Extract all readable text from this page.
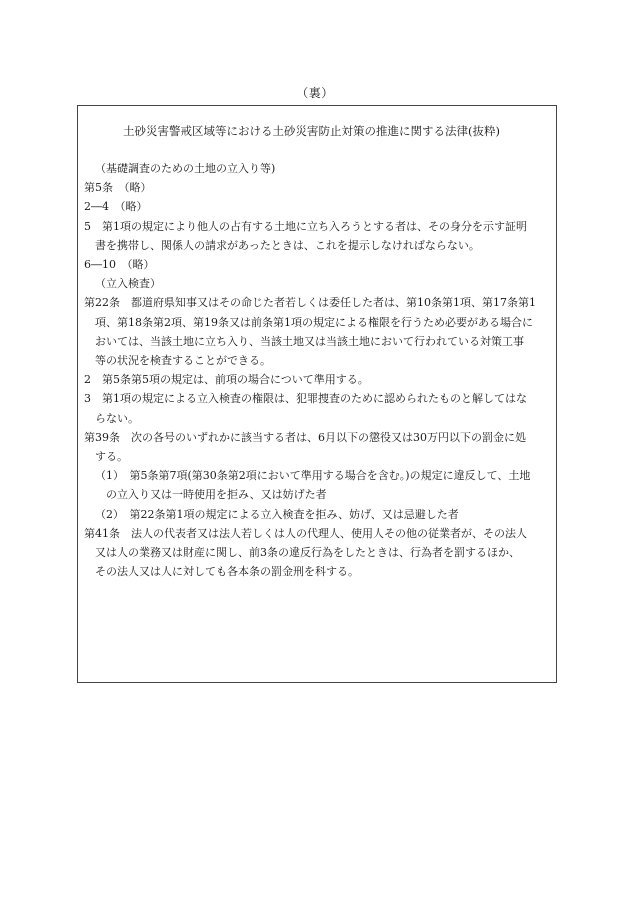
（裏）
土砂災害警戒区域等における土砂災害防止対策の推進に関する法律(抜粋)
（基礎調査のための土地の立入り等)
第5条　（略）
2―4　（略）
5　第1項の規定により他人の占有する土地に立ち入ろうとする者は、その身分を示す証明
書を携帯し、関係人の請求があったときは、これを提示しなければならない。
6―10　（略）
（立入検査）
第22条　都道府県知事又はその命じた者若しくは委任した者は、第10条第1項、第17条第1
項、第18条第2項、第19条又は前条第1項の規定による権限を行うため必要がある場合に
おいては、当該土地に立ち入り、当該土地又は当該土地において行われている対策工事
等の状況を検査することができる。
2　第5条第5項の規定は、前項の場合について準用する。
3　第1項の規定による立入検査の権限は、犯罪捜査のために認められたものと解してはな
らない。
第39条　次の各号のいずれかに該当する者は、6月以下の懲役又は30万円以下の罰金に処
する。
（1）　第5条第7項(第30条第2項において準用する場合を含む。)の規定に違反して、土地
の立入り又は一時使用を拒み、又は妨げた者
（2）　第22条第1項の規定による立入検査を拒み、妨げ、又は忌避した者
第41条　法人の代表者又は法人若しくは人の代理人、使用人その他の従業者が、その法人
又は人の業務又は財産に関し、前3条の違反行為をしたときは、行為者を罰するほか、
その法人又は人に対しても各本条の罰金刑を科する。
